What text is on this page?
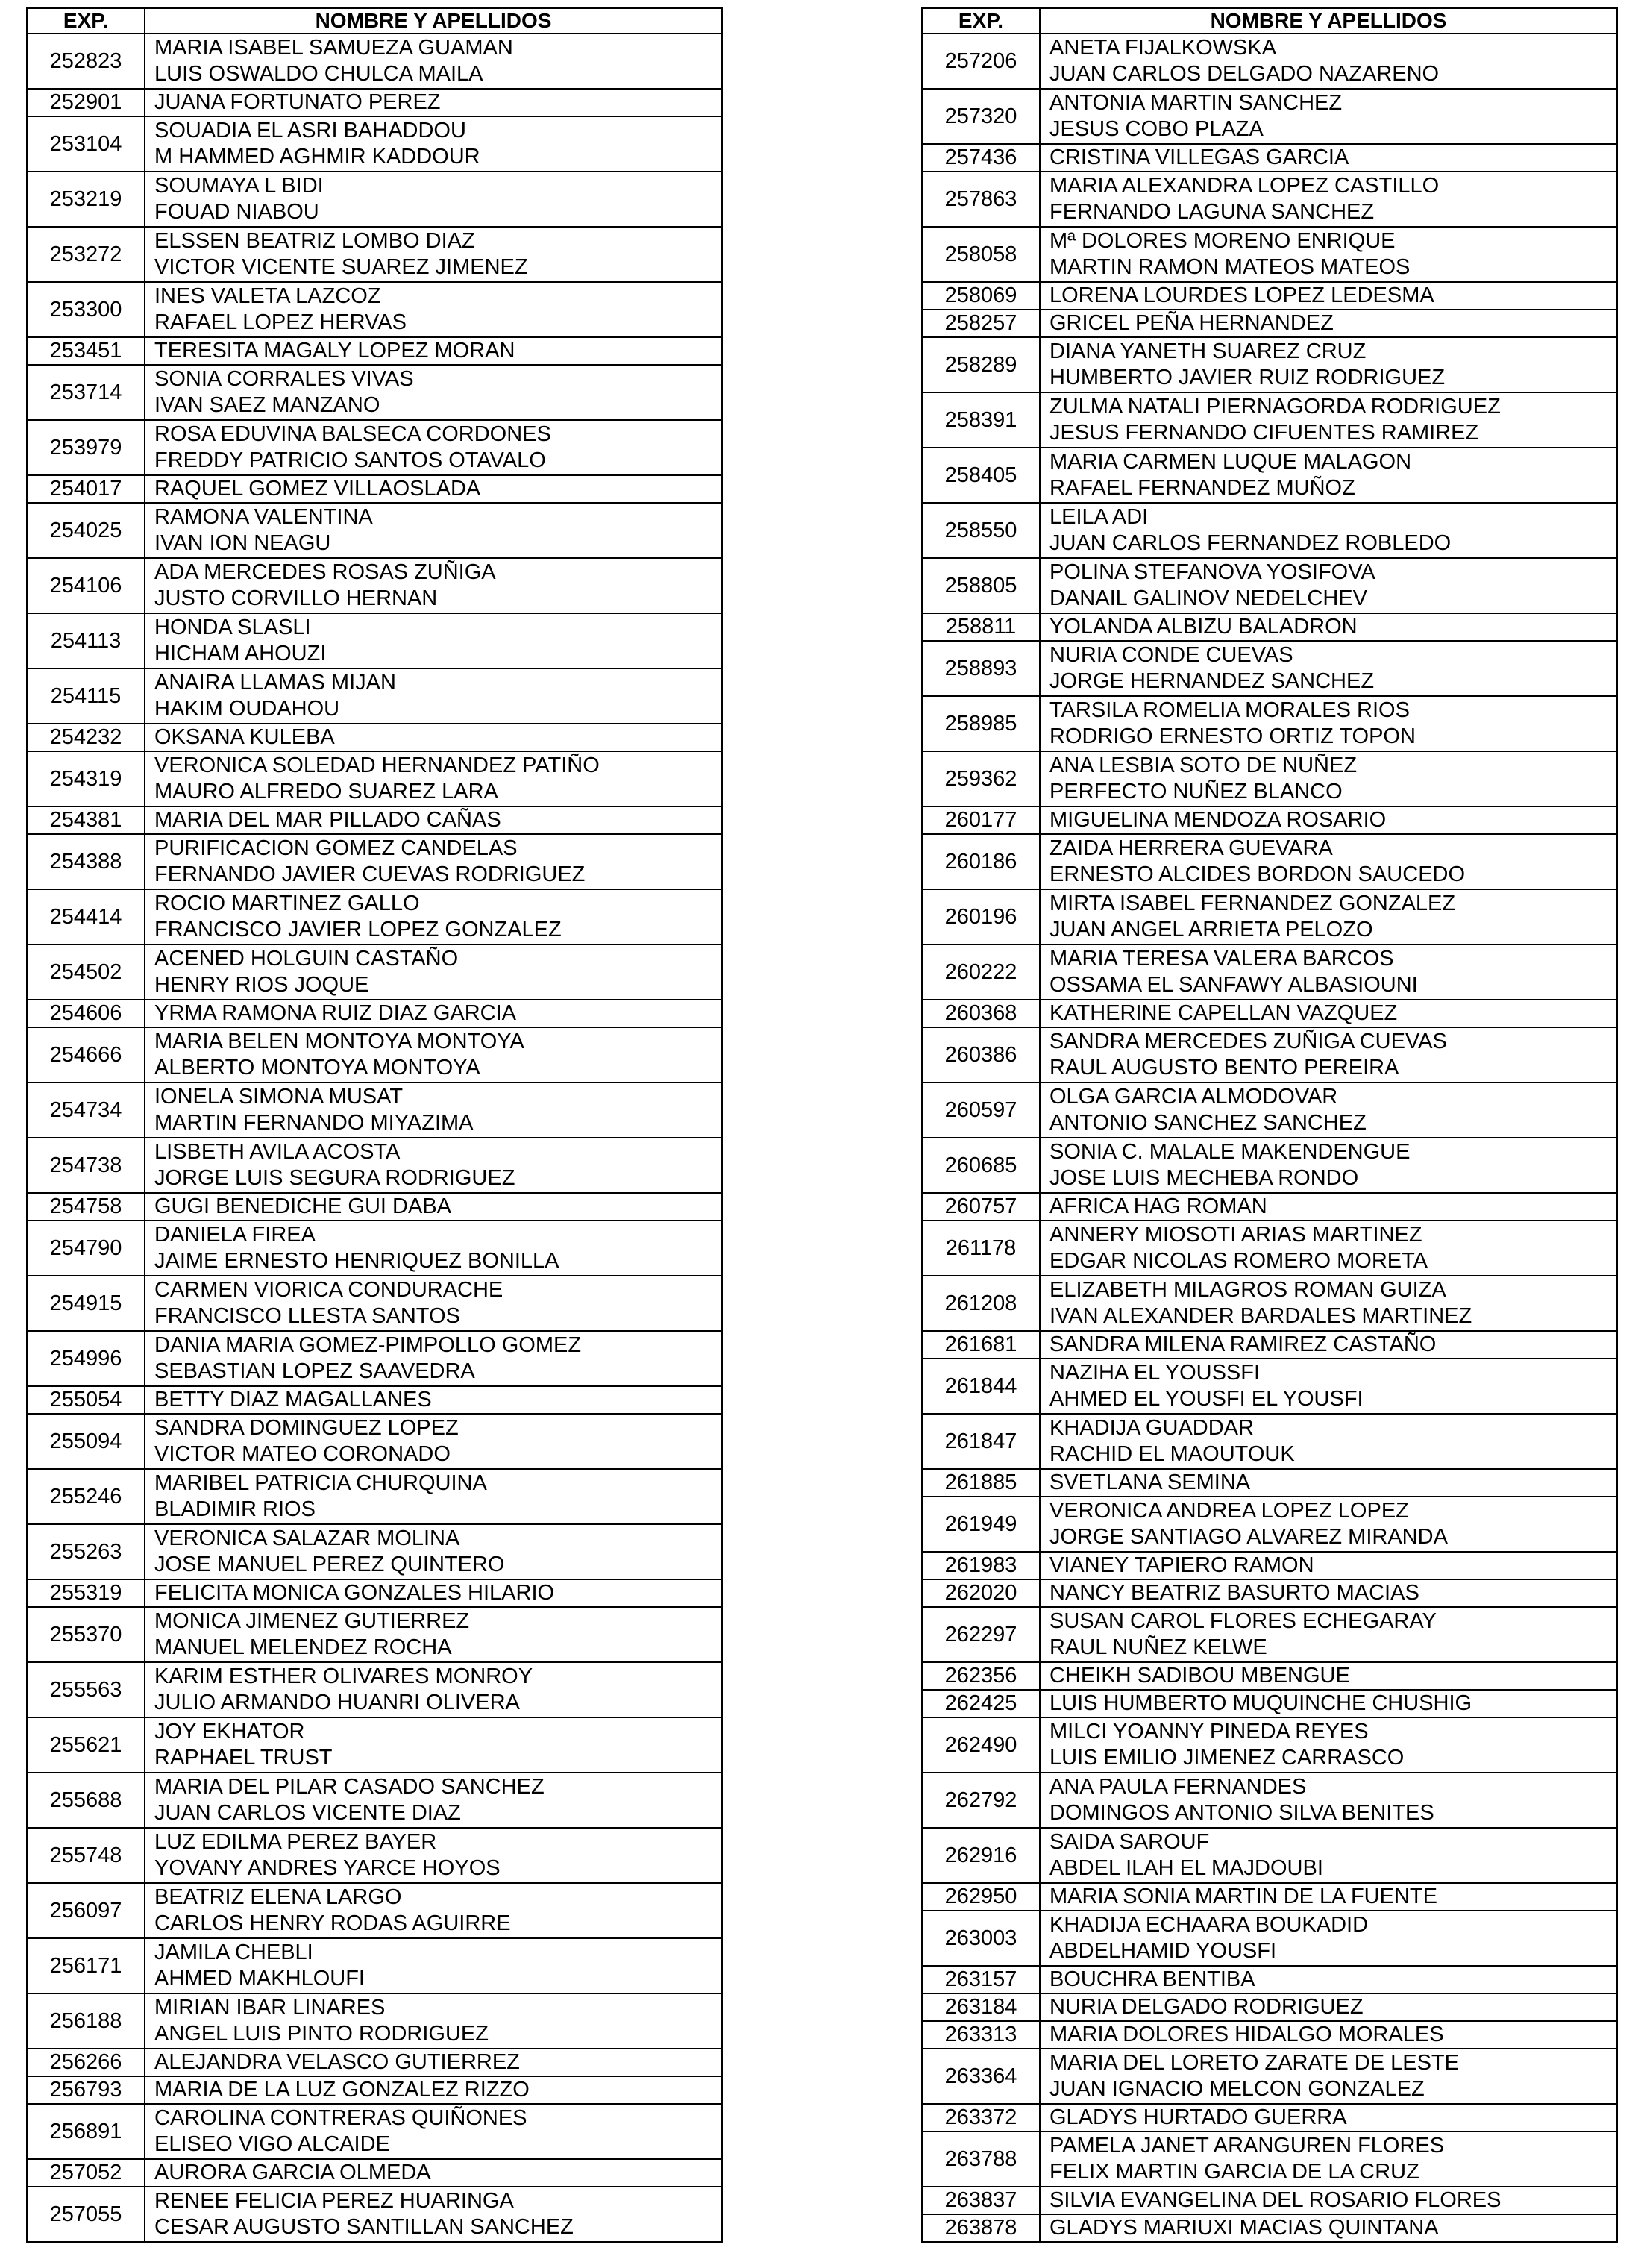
EXP.	NOMBRE Y APELLIDOS
252823	MARIA ISABEL SAMUEZA GUAMAN
LUIS OSWALDO CHULCA MAILA

252901	JUANA FORTUNATO PEREZ

253104	SOUADIA EL ASRI BAHADDOU
M HAMMED AGHMIR KADDOUR

253219	SOUMAYA L BIDI
FOUAD NIABOU

253272	ELSSEN BEATRIZ LOMBO DIAZ
VICTOR VICENTE SUAREZ JIMENEZ

253300	INES VALETA LAZCOZ
RAFAEL LOPEZ HERVAS

253451	TERESITA MAGALY LOPEZ MORAN

253714	SONIA CORRALES VIVAS
IVAN SAEZ MANZANO

253979	ROSA EDUVINA BALSECA CORDONES
FREDDY PATRICIO SANTOS OTAVALO

254017	RAQUEL GOMEZ VILLAOSLADA

254025	RAMONA VALENTINA
IVAN ION NEAGU

254106	ADA MERCEDES ROSAS ZUÑIGA
JUSTO CORVILLO HERNAN

254113	HONDA SLASLI
HICHAM AHOUZI

254115	ANAIRA LLAMAS MIJAN
HAKIM OUDAHOU

254232	OKSANA KULEBA

254319	VERONICA SOLEDAD HERNANDEZ PATIÑO
MAURO ALFREDO SUAREZ LARA

254381	MARIA DEL MAR PILLADO CAÑAS

254388	PURIFICACION GOMEZ CANDELAS
FERNANDO JAVIER CUEVAS RODRIGUEZ

254414	ROCIO MARTINEZ GALLO
FRANCISCO JAVIER LOPEZ GONZALEZ

254502	ACENED HOLGUIN CASTAÑO
HENRY RIOS JOQUE

254606	YRMA RAMONA RUIZ DIAZ GARCIA

254666	MARIA BELEN MONTOYA MONTOYA
ALBERTO MONTOYA MONTOYA

254734	IONELA SIMONA MUSAT
MARTIN FERNANDO MIYAZIMA

254738	LISBETH AVILA ACOSTA
JORGE LUIS SEGURA RODRIGUEZ

254758	GUGI BENEDICHE GUI DABA

254790	DANIELA FIREA
JAIME ERNESTO HENRIQUEZ BONILLA

254915	CARMEN VIORICA CONDURACHE
FRANCISCO LLESTA SANTOS

254996	DANIA MARIA GOMEZ-PIMPOLLO GOMEZ
SEBASTIAN LOPEZ SAAVEDRA

255054	BETTY DIAZ MAGALLANES

255094	SANDRA DOMINGUEZ LOPEZ
VICTOR MATEO CORONADO

255246	MARIBEL PATRICIA CHURQUINA
BLADIMIR RIOS

255263	VERONICA SALAZAR MOLINA
JOSE MANUEL PEREZ QUINTERO

255319	FELICITA MONICA GONZALES HILARIO

255370	MONICA JIMENEZ GUTIERREZ
MANUEL MELENDEZ ROCHA

255563	KARIM ESTHER OLIVARES MONROY
JULIO ARMANDO HUANRI OLIVERA

255621	JOY EKHATOR
RAPHAEL TRUST

255688	MARIA DEL PILAR CASADO SANCHEZ
JUAN CARLOS VICENTE DIAZ

255748	LUZ EDILMA PEREZ BAYER
YOVANY ANDRES YARCE HOYOS

256097	BEATRIZ ELENA LARGO
CARLOS HENRY RODAS AGUIRRE

256171	JAMILA CHEBLI
AHMED MAKHLOUFI

256188	MIRIAN IBAR LINARES
ANGEL LUIS PINTO RODRIGUEZ

256266	ALEJANDRA VELASCO GUTIERREZ

256793	MARIA DE LA LUZ GONZALEZ RIZZO

256891	CAROLINA CONTRERAS QUIÑONES
ELISEO VIGO ALCAIDE

257052	AURORA GARCIA OLMEDA

257055	RENEE FELICIA PEREZ HUARINGA
CESAR AUGUSTO SANTILLAN SANCHEZ
EXP.	NOMBRE Y APELLIDOS
257206	ANETA FIJALKOWSKA
JUAN CARLOS DELGADO NAZARENO

257320	ANTONIA MARTIN SANCHEZ
JESUS COBO PLAZA

257436	CRISTINA VILLEGAS GARCIA

257863	MARIA ALEXANDRA LOPEZ CASTILLO
FERNANDO LAGUNA SANCHEZ

258058	Mª DOLORES MORENO ENRIQUE
MARTIN RAMON MATEOS MATEOS

258069	LORENA LOURDES LOPEZ LEDESMA

258257	GRICEL PEÑA HERNANDEZ

258289	DIANA YANETH SUAREZ CRUZ
HUMBERTO JAVIER RUIZ RODRIGUEZ

258391	ZULMA NATALI PIERNAGORDA RODRIGUEZ
JESUS FERNANDO CIFUENTES RAMIREZ

258405	MARIA CARMEN LUQUE MALAGON
RAFAEL FERNANDEZ MUÑOZ

258550	LEILA ADI
JUAN CARLOS FERNANDEZ ROBLEDO

258805	POLINA STEFANOVA YOSIFOVA
DANAIL GALINOV NEDELCHEV

258811	YOLANDA ALBIZU BALADRON

258893	NURIA CONDE CUEVAS
JORGE HERNANDEZ SANCHEZ

258985	TARSILA ROMELIA MORALES RIOS
RODRIGO ERNESTO ORTIZ TOPON

259362	ANA LESBIA SOTO DE NUÑEZ
PERFECTO NUÑEZ BLANCO

260177	MIGUELINA MENDOZA ROSARIO

260186	ZAIDA HERRERA GUEVARA
ERNESTO ALCIDES BORDON SAUCEDO

260196	MIRTA ISABEL FERNANDEZ GONZALEZ
JUAN ANGEL ARRIETA PELOZO

260222	MARIA TERESA VALERA BARCOS
OSSAMA EL SANFAWY ALBASIOUNI

260368	KATHERINE CAPELLAN VAZQUEZ

260386	SANDRA MERCEDES ZUÑIGA CUEVAS
RAUL AUGUSTO BENTO PEREIRA

260597	OLGA GARCIA ALMODOVAR
ANTONIO SANCHEZ SANCHEZ

260685	SONIA C. MALALE MAKENDENGUE
JOSE LUIS MECHEBA RONDO

260757	AFRICA HAG ROMAN

261178	ANNERY MIOSOTI ARIAS MARTINEZ
EDGAR NICOLAS ROMERO MORETA

261208	ELIZABETH MILAGROS ROMAN GUIZA
IVAN ALEXANDER BARDALES MARTINEZ

261681	SANDRA MILENA RAMIREZ CASTAÑO

261844	NAZIHA EL YOUSSFI
AHMED EL YOUSFI EL YOUSFI

261847	KHADIJA GUADDAR
RACHID EL MAOUTOUK

261885	SVETLANA SEMINA

261949	VERONICA ANDREA LOPEZ LOPEZ
JORGE SANTIAGO ALVAREZ MIRANDA

261983	VIANEY TAPIERO RAMON

262020	NANCY BEATRIZ BASURTO MACIAS

262297	SUSAN CAROL FLORES ECHEGARAY
RAUL NUÑEZ KELWE

262356	CHEIKH SADIBOU MBENGUE

262425	LUIS HUMBERTO MUQUINCHE CHUSHIG

262490	MILCI YOANNY PINEDA REYES
LUIS EMILIO JIMENEZ CARRASCO

262792	ANA PAULA FERNANDES
DOMINGOS ANTONIO SILVA BENITES

262916	SAIDA SAROUF
ABDEL ILAH EL MAJDOUBI

262950	MARIA SONIA MARTIN DE LA FUENTE

263003	KHADIJA ECHAARA BOUKADID
ABDELHAMID YOUSFI

263157	BOUCHRA BENTIBA

263184	NURIA DELGADO RODRIGUEZ

263313	MARIA DOLORES HIDALGO MORALES

263364	MARIA DEL LORETO ZARATE DE LESTE
JUAN IGNACIO MELCON GONZALEZ

263372	GLADYS HURTADO GUERRA

263788	PAMELA JANET ARANGUREN FLORES
FELIX MARTIN GARCIA DE LA CRUZ

263837	SILVIA EVANGELINA DEL ROSARIO FLORES

263878	GLADYS MARIUXI MACIAS QUINTANA
